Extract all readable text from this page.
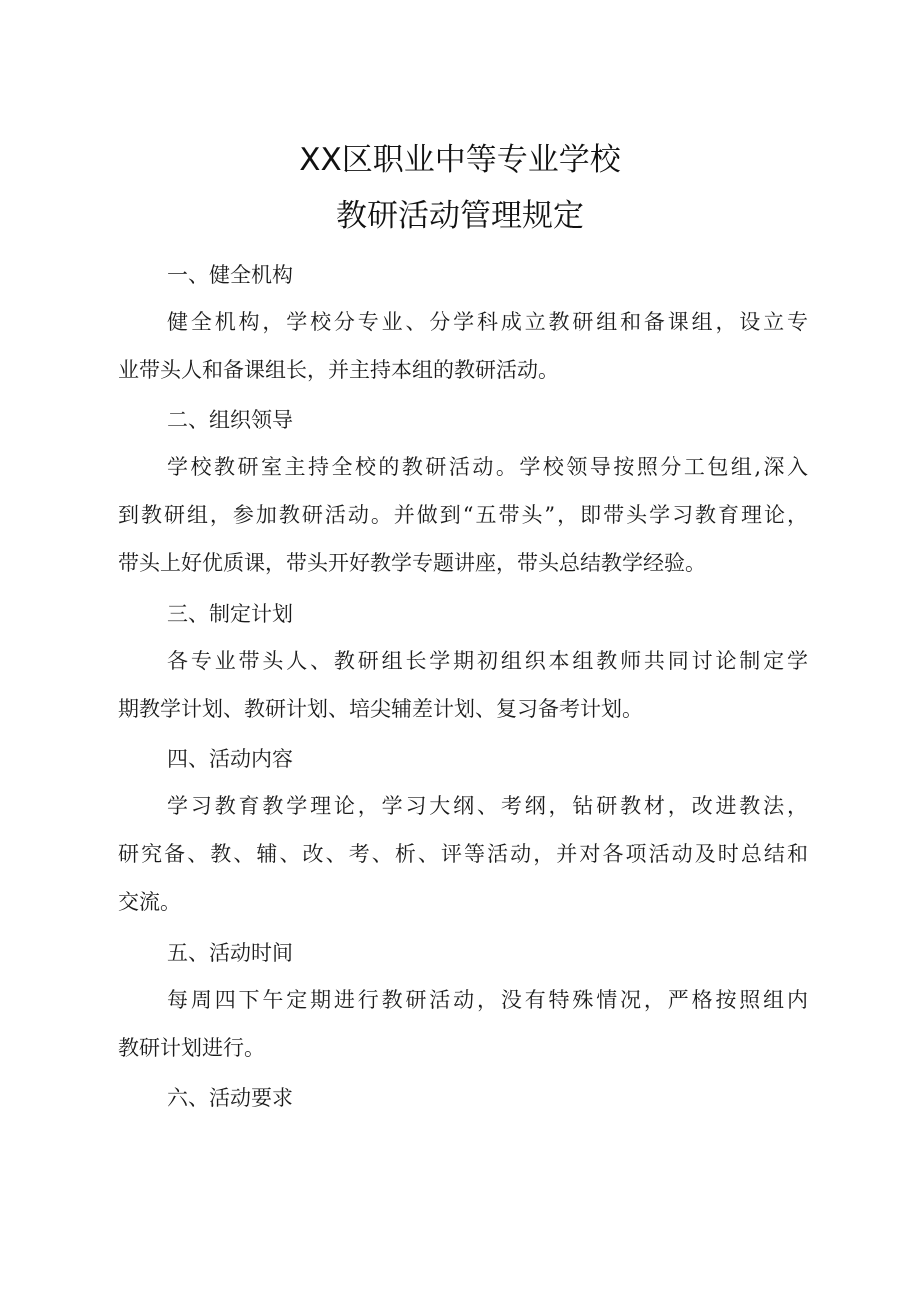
XX区职业中等专业学校
教研活动管理规定
一、健全机构
健全机构，学校分专业、分学科成立教研组和备课组，设立专
业带头人和备课组长，并主持本组的教研活动。
二、组织领导
学校教研室主持全校的教研活动。学校领导按照分工包组,深入
到教研组，参加教研活动。并做到“五带头”，即带头学习教育理论，
带头上好优质课，带头开好教学专题讲座，带头总结教学经验。
三、制定计划
各专业带头人、教研组长学期初组织本组教师共同讨论制定学
期教学计划、教研计划、培尖辅差计划、复习备考计划。
四、活动内容
学习教育教学理论，学习大纲、考纲，钻研教材，改进教法，
研究备、教、辅、改、考、析、评等活动，并对各项活动及时总结和
交流。
五、活动时间
每周四下午定期进行教研活动，没有特殊情况，严格按照组内
教研计划进行。
六、活动要求
